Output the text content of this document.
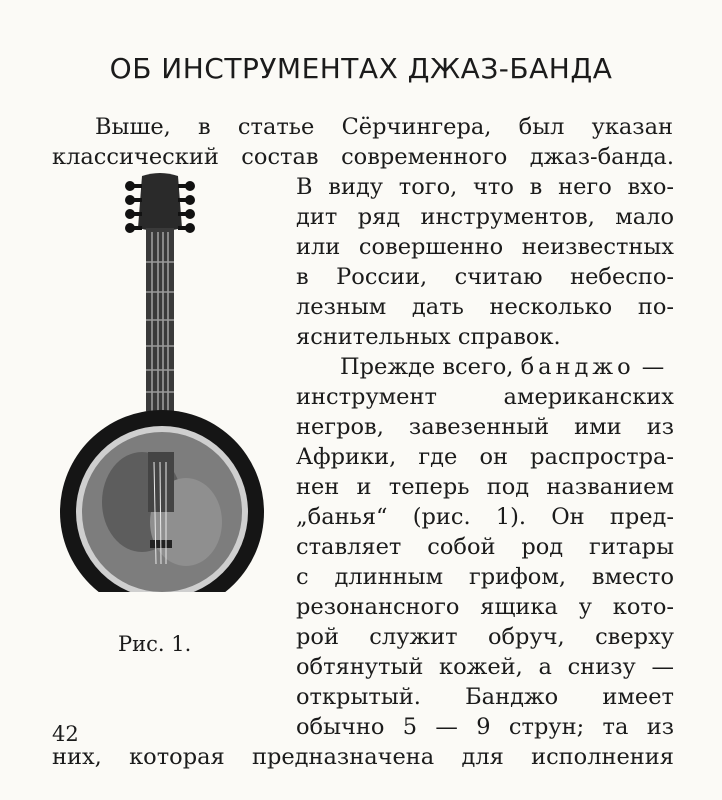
ОБ ИНСТРУМЕНТАХ ДЖАЗ-БАНДА
Выше, в статье Сёрчингера, был указан
классический состав современного джаз-банда.
В виду того, что в него вхо-
дит ряд инструментов, мало
или совершенно неизвестных
в России, считаю небеспо-
лезным дать несколько по-
яснительных справок.
Прежде всего, банджо —
инструмент американских
негров, завезенный ими из
Африки, где он распростра-
нен и теперь под названием
„банья“ (рис. 1). Он пред-
ставляет собой род гитары
с длинным грифом, вместо
резонансного ящика у кото-
рой служит обруч, сверху
обтянутый кожей, а снизу —
открытый. Банджо имеет
обычно 5 — 9 струн; та из
них, которая предназначена для исполнения
Рис. 1.
42
